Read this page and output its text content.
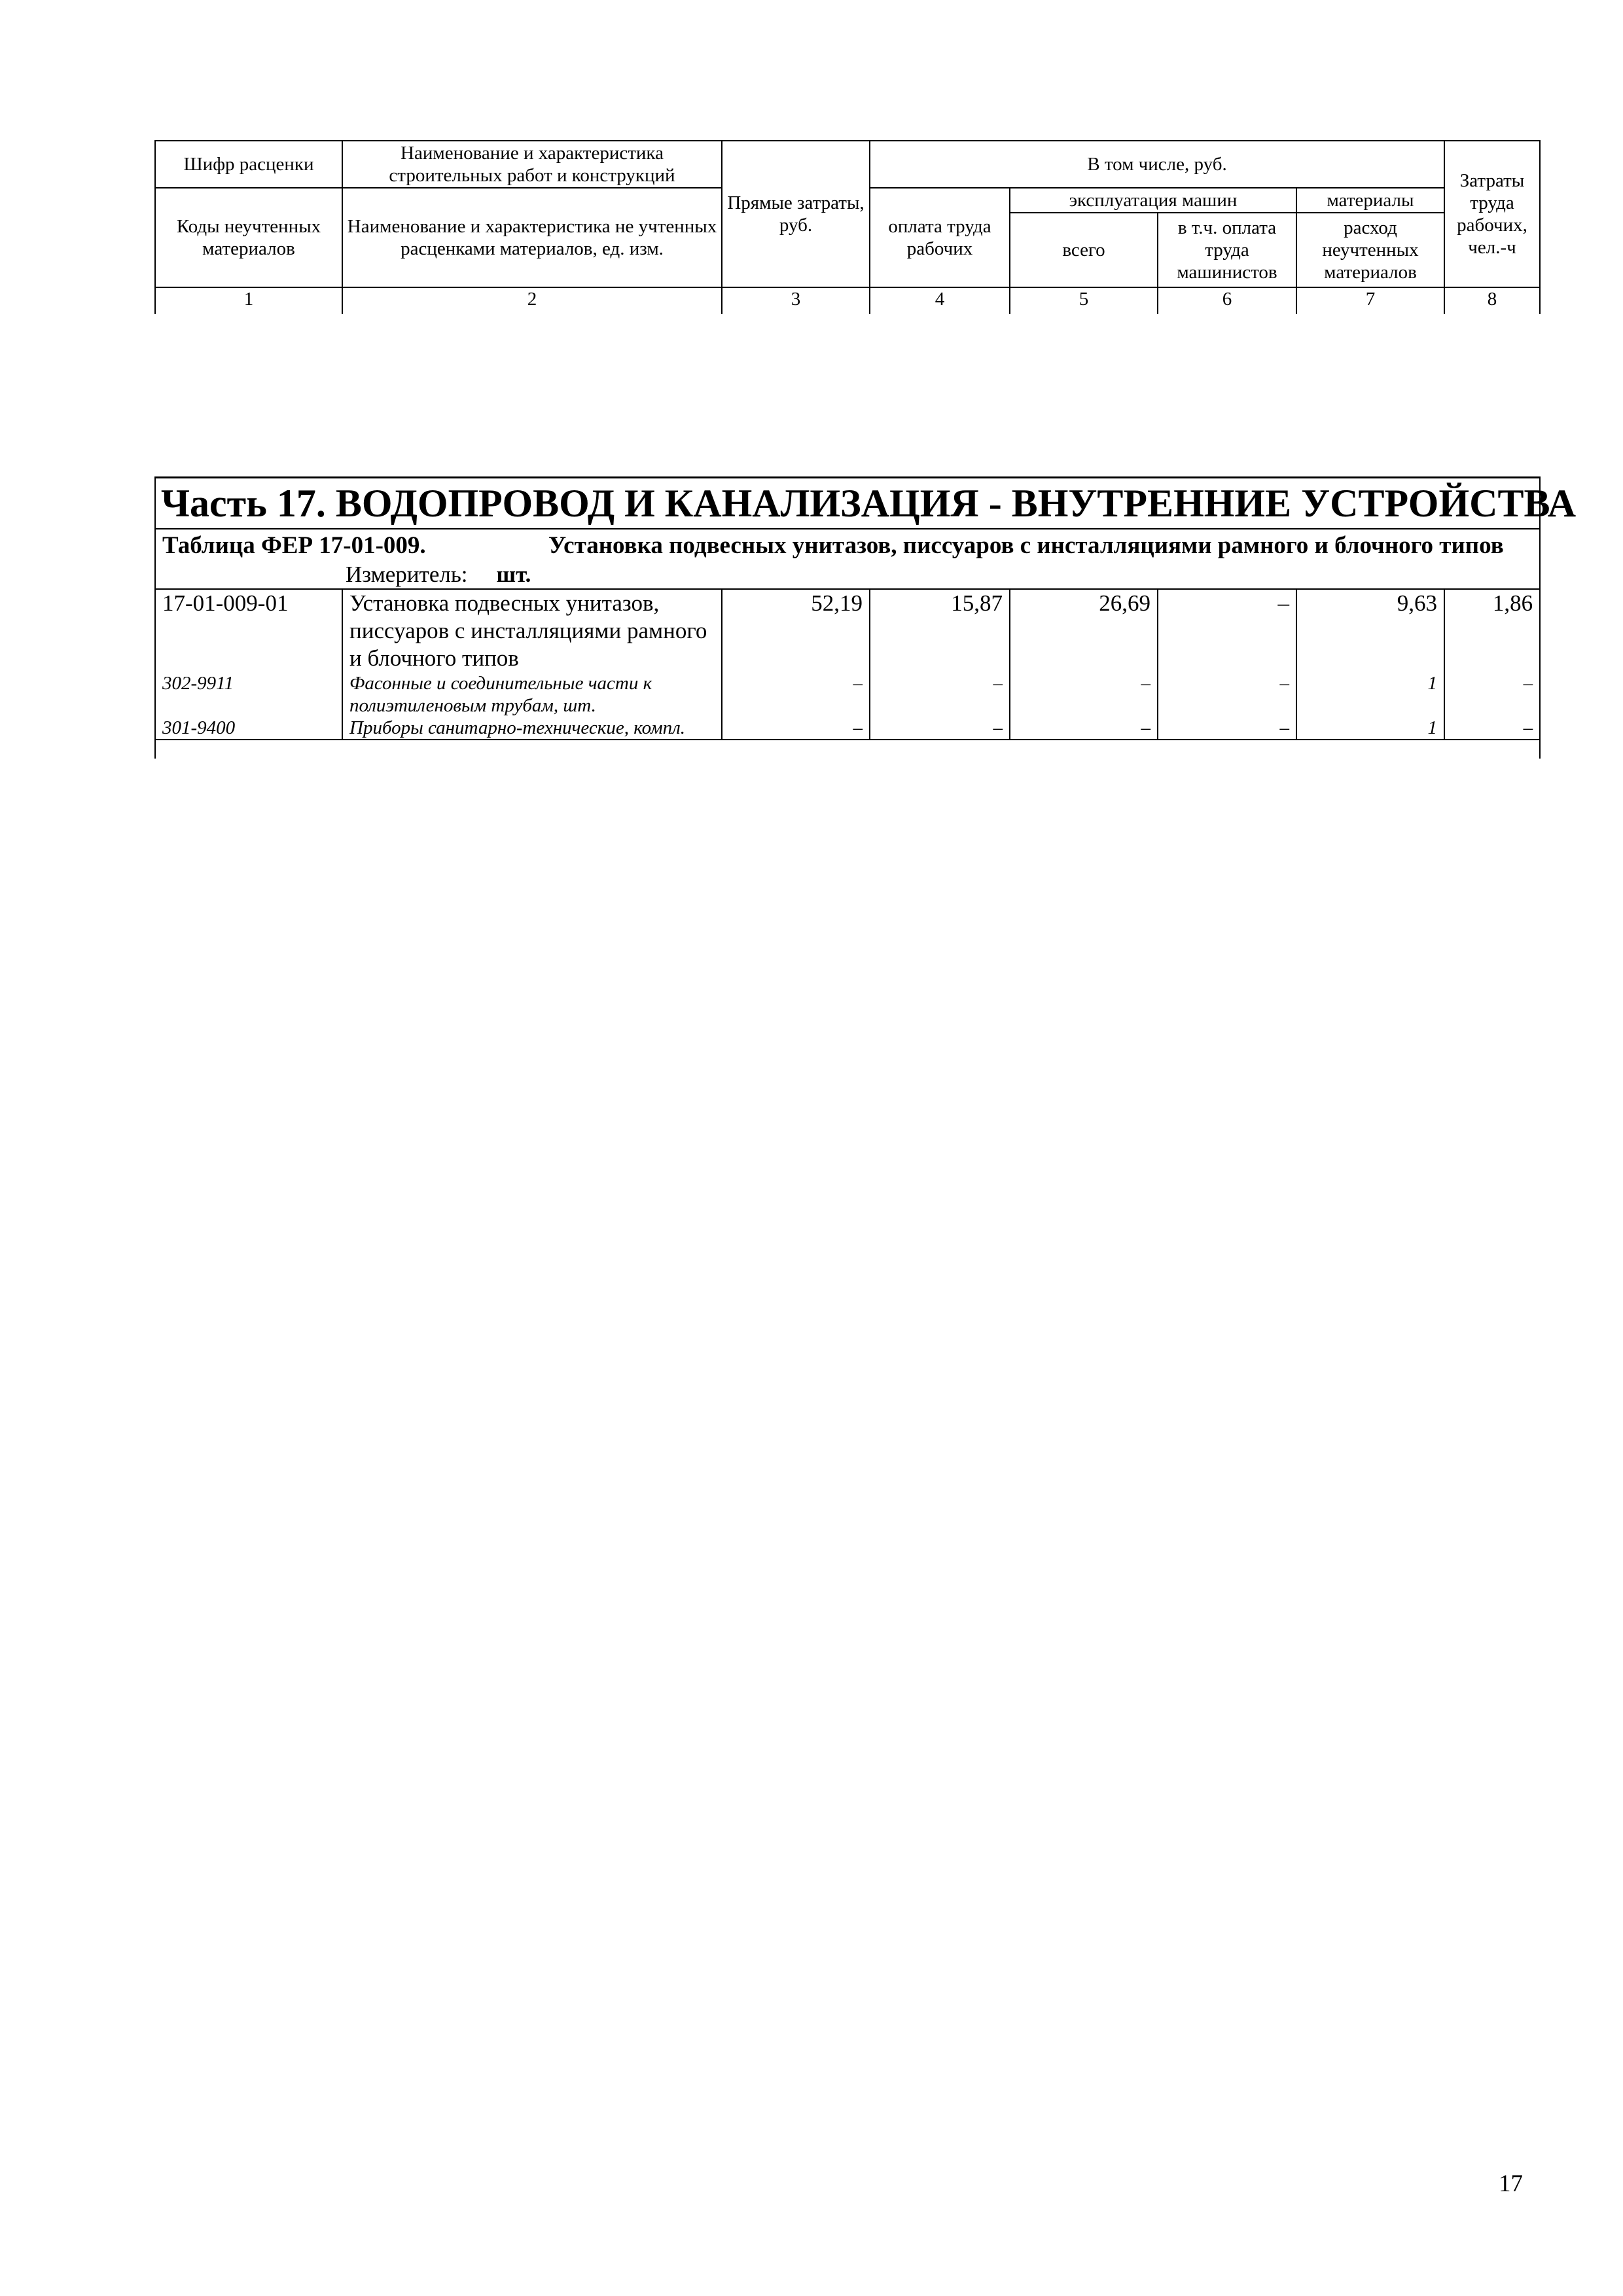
Шифр расценки	Наименование и характеристика строительных работ и конструкций	Прямые затраты, руб.	В том числе, руб.				Затраты труда рабочих, чел.-ч
Коды неучтенных материалов	Наименование и характеристика не учтенных расценками материалов, ед. изм.		оплата труда рабочих	эксплуатация машин		материалы	
				всего	в т.ч. оплата труда машинистов	расход неучтенных материалов	
1	2	3	4	5	6	7	8
Часть 17. ВОДОПРОВОД И КАНАЛИЗАЦИЯ - ВНУТРЕННИЕ УСТРОЙСТВА							

Таблица ФЕР 17-01-009. Установка подвесных унитазов, писсуаров с инсталляциями рамного и блочного типов							

Измеритель: шт.							
17-01-009-01	Установка подвесных унитазов, писсуаров с инсталляциями рамного и блочного типов	52,19	15,87	26,69	–	9,63	1,86
302-9911	Фасонные и соединительные части к полиэтиленовым трубам, шт.	–	–	–	–	1	–
301-9400	Приборы санитарно-технические, компл.	–	–	–	–	1	–

17
